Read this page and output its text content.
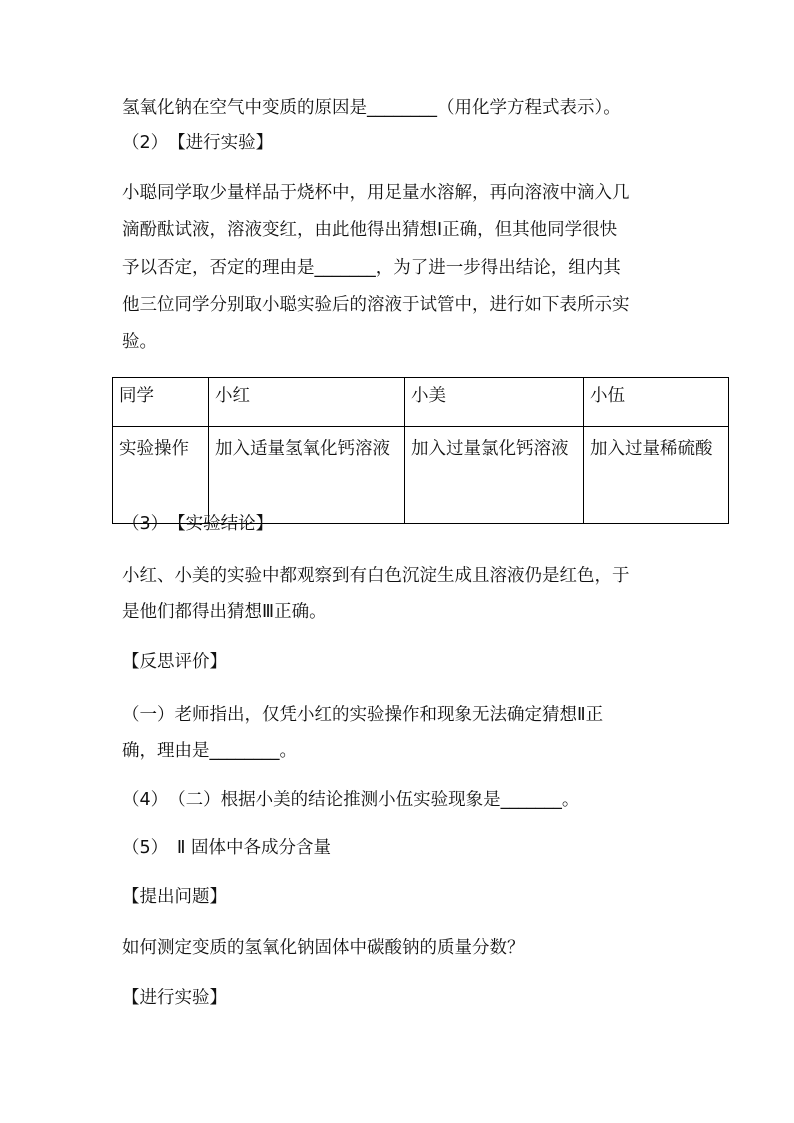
氢氧化钠在空气中变质的原因是________（用化学方程式表示）。
（2）　【进行实验】
小聪同学取少量样品于烧杯中，用足量水溶解，再向溶液中滴入几
滴酚酞试液，溶液变红，由此他得出猜想Ⅰ正确，但其他同学很快
予以否定，否定的理由是_______，为了进一步得出结论，组内其
他三位同学分别取小聪实验后的溶液于试管中，进行如下表所示实
验。
同学	小红	小美	小伍
实验操作	加入适量氢氧化钙溶液	加入过量氯化钙溶液	加入过量稀硫酸
（3）　【实验结论】
小红、小美的实验中都观察到有白色沉淀生成且溶液仍是红色，于
是他们都得出猜想Ⅲ正确。
【反思评价】
（一）老师指出，仅凭小红的实验操作和现象无法确定猜想Ⅱ正
确，理由是________。
（4）　（二）根据小美的结论推测小伍实验现象是_______。
（5）　Ⅱ 固体中各成分含量
【提出问题】
如何测定变质的氢氧化钠固体中碳酸钠的质量分数？
【进行实验】
